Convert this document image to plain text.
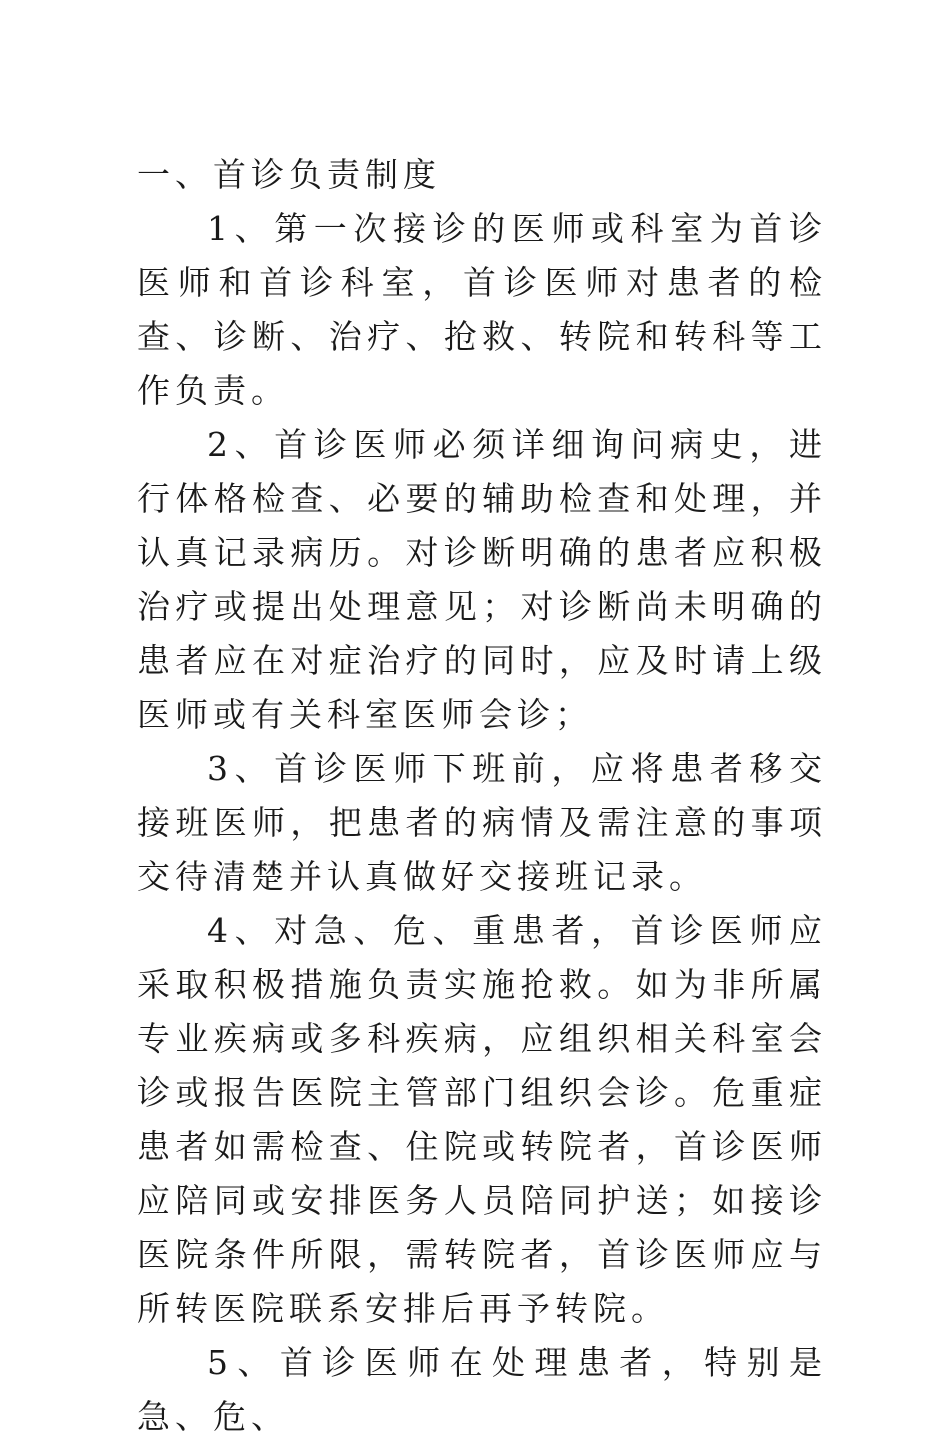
一、首诊负责制度

1、第一次接诊的医师或科室为首诊医师和首诊科室，首诊医师对患者的检查、诊断、治疗、抢救、转院和转科等工作负责。

2、首诊医师必须详细询问病史，进行体格检查、必要的辅助检查和处理，并认真记录病历。对诊断明确的患者应积极治疗或提出处理意见；对诊断尚未明确的患者应在对症治疗的同时，应及时请上级医师或有关科室医师会诊；

3、首诊医师下班前，应将患者移交接班医师，把患者的病情及需注意的事项交待清楚并认真做好交接班记录。

4、对急、危、重患者，首诊医师应采取积极措施负责实施抢救。如为非所属专业疾病或多科疾病，应组织相关科室会诊或报告医院主管部门组织会诊。危重症患者如需检查、住院或转院者，首诊医师应陪同或安排医务人员陪同护送；如接诊医院条件所限，需转院者，首诊医师应与所转医院联系安排后再予转院。

5、首诊医师在处理患者，特别是急、危、
